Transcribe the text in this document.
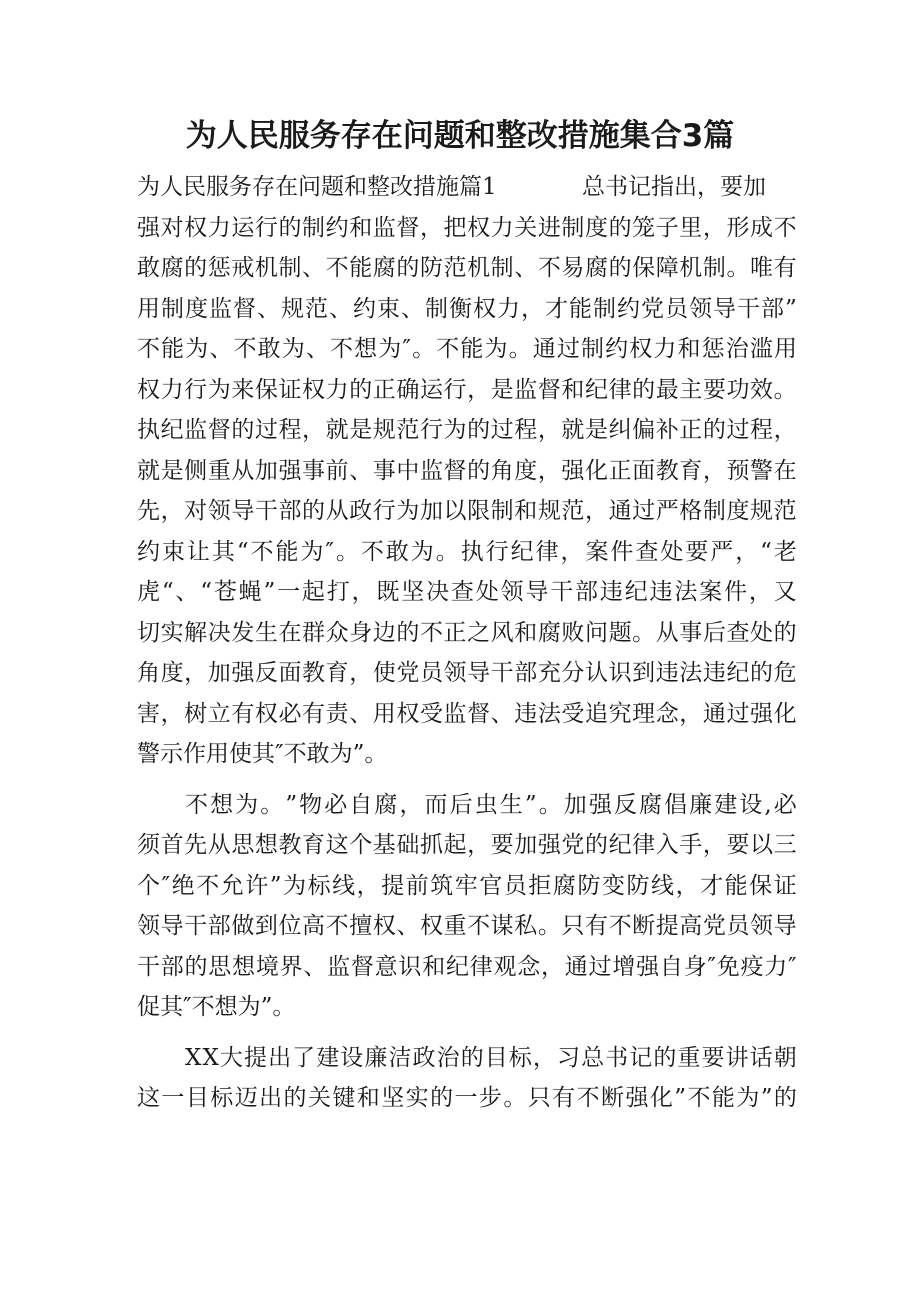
为人民服务存在问题和整改措施集合3篇
为人民服务存在问题和整改措施篇1	总书记指出，要加
强 对 权 力 运 行 的 制 约 和 监 督 ， 把 权 力 关 进 制 度 的 笼 子 里 ， 形 成 不
敢 腐 的 惩 戒 机 制 、 不 能 腐 的 防 范 机 制 、 不 易 腐 的 保 障 机 制 。 唯 有
用 制 度 监 督 、 规 范 、 约 束 、 制 衡 权 力 ， 才 能 制 约 党 员 领 导 干 部 ”
不 能 为 、 不 敢 为 、 不 想 为 ″ 。 不 能 为 。 通 过 制 约 权 力 和 惩 治 滥 用
权 力 行 为 来 保 证 权 力 的 正 确 运 行 ， 是 监 督 和 纪 律 的 最 主 要 功 效 。
执 纪 监 督 的 过 程 ， 就 是 规 范 行 为 的 过 程 ， 就 是 纠 偏 补 正 的 过 程 ，
就 是 侧 重 从 加 强 事 前 、 事 中 监 督 的 角 度 ， 强 化 正 面 教 育 ， 预 警 在
先 ， 对 领 导 干 部 的 从 政 行 为 加 以 限 制 和 规 范 ， 通 过 严 格 制 度 规 范
约 束 让 其 “ 不 能 为 ″ 。 不 敢 为 。 执 行 纪 律 ， 案 件 查 处 要 严 ， “ 老
虎 “ 、 “ 苍 蝇 ” 一 起 打 ， 既 坚 决 查 处 领 导 干 部 违 纪 违 法 案 件 ， 又
切 实 解 决 发 生 在 群 众 身 边 的 不 正 之 风 和 腐 败 问 题 。 从 事 后 查 处 的
角 度 ， 加 强 反 面 教 育 ， 使 党 员 领 导 干 部 充 分 认 识 到 违 法 违 纪 的 危
害 ， 树 立 有 权 必 有 责 、 用 权 受 监 督 、 违 法 受 追 究 理 念 ， 通 过 强 化
警示作用使其″不敢为”。
不 想 为 。 ” 物 必 自 腐 ， 而 后 虫 生 ” 。 加 强 反 腐 倡 廉 建 设 , 必
须 首 先 从 思 想 教 育 这 个 基 础 抓 起 ， 要 加 强 党 的 纪 律 入 手 ， 要 以 三
个 ″ 绝 不 允 许 ” 为 标 线 ， 提 前 筑 牢 官 员 拒 腐 防 变 防 线 ， 才 能 保 证
领 导 干 部 做 到 位 高 不 擅 权 、 权 重 不 谋 私 。 只 有 不 断 提 高 党 员 领 导
干 部 的 思 想 境 界 、 监 督 意 识 和 纪 律 观 念 ， 通 过 增 强 自 身 ″ 免 疫 力 ″
促其″不想为”。
X X 大 提 出 了 建 设 廉 洁 政 治 的 目 标 ， 习 总 书 记 的 重 要 讲 话 朝
这 一 目 标 迈 出 的 关 键 和 坚 实 的 一 步 。 只 有 不 断 强 化 ” 不 能 为 ” 的
